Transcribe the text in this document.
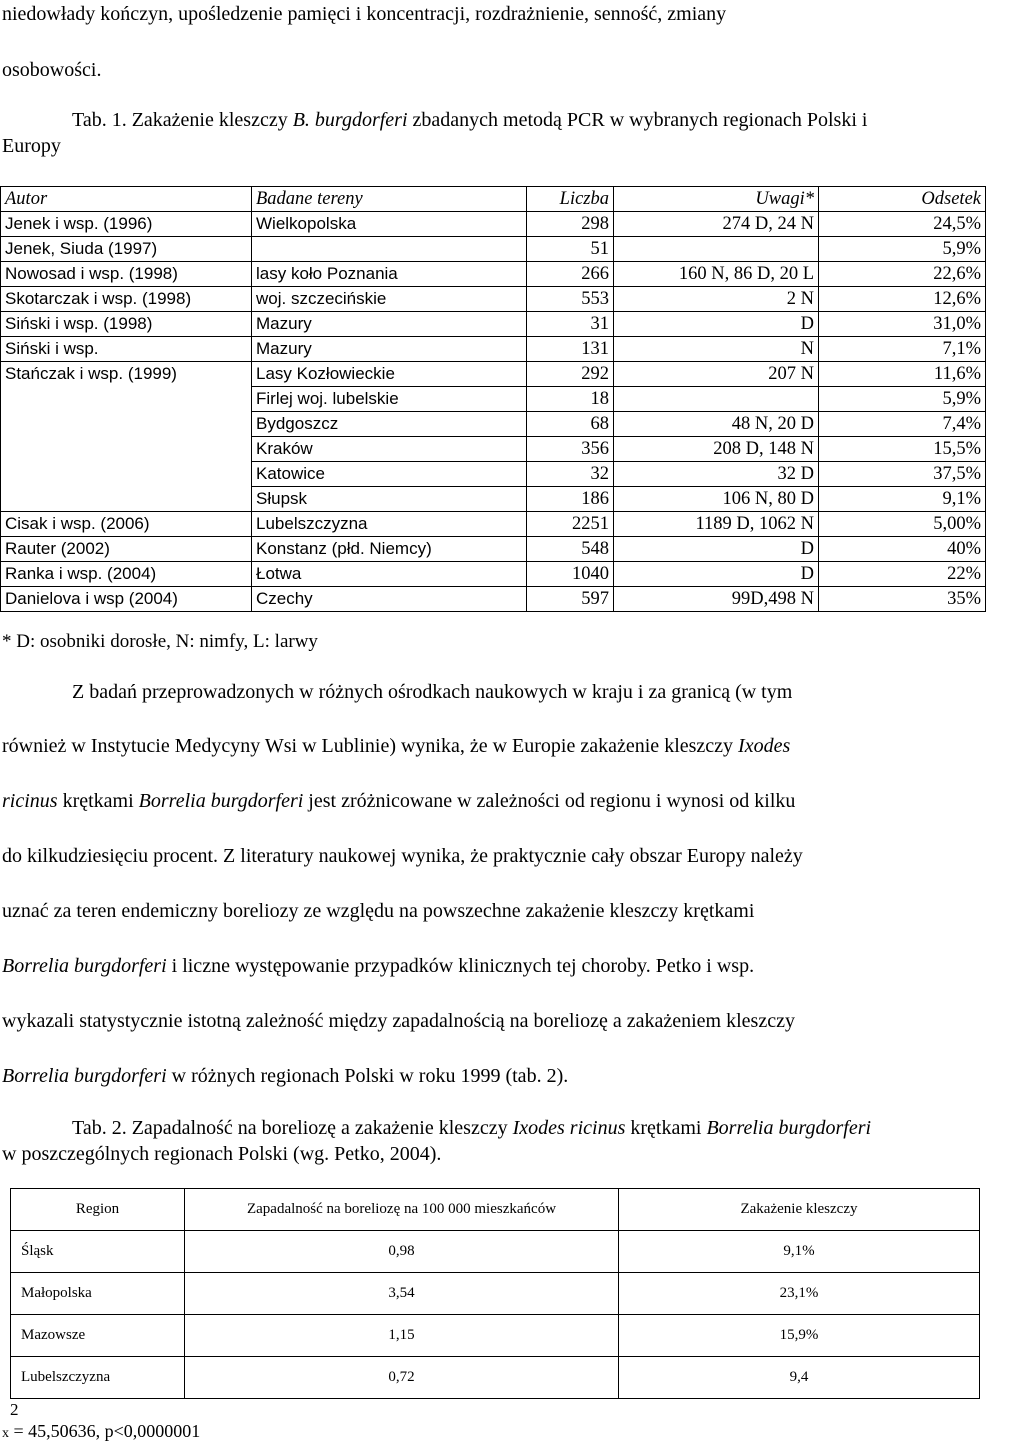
niedowłady kończyn, upośledzenie pamięci i koncentracji, rozdrażnienie, senność, zmiany
osobowości.
Tab. 1. Zakażenie kleszczy B. burgdorferi zbadanych metodą PCR w wybranych regionach Polski i
Europy
Autor	Badane tereny	Liczba	Uwagi*	Odsetek
Jenek i wsp. (1996)	Wielkopolska	298	274 D, 24 N	24,5%
Jenek, Siuda (1997)		51		5,9%
Nowosad i wsp. (1998)	lasy koło Poznania	266	160 N, 86 D, 20 L	22,6%
Skotarczak i wsp. (1998)	woj. szczecińskie	553	2 N	12,6%
Siński i wsp. (1998)	Mazury	31	D	31,0%
Siński i wsp.	Mazury	131	N	7,1%
Stańczak i wsp. (1999)	Lasy Kozłowieckie	292	207 N	11,6%
	Firlej woj. lubelskie	18		5,9%
	Bydgoszcz	68	48 N, 20 D	7,4%
	Kraków	356	208 D, 148 N	15,5%
	Katowice	32	32 D	37,5%
	Słupsk	186	106 N, 80 D	9,1%
Cisak i wsp. (2006)	Lubelszczyzna	2251	1189 D, 1062 N	5,00%
Rauter (2002)	Konstanz (płd. Niemcy)	548	D	40%
Ranka i wsp. (2004)	Łotwa	1040	D	22%
Danielova i wsp (2004)	Czechy	597	99D,498 N	35%
* D: osobniki dorosłe, N: nimfy, L: larwy
Z badań przeprowadzonych w różnych ośrodkach naukowych w kraju i za granicą (w tym
również w Instytucie Medycyny Wsi w Lublinie) wynika, że w Europie zakażenie kleszczy Ixodes
ricinus krętkami Borrelia burgdorferi jest zróżnicowane w zależności od regionu i wynosi od kilku
do kilkudziesięciu procent. Z literatury naukowej wynika, że praktycznie cały obszar Europy należy
uznać za teren endemiczny boreliozy ze względu na powszechne zakażenie kleszczy krętkami
Borrelia burgdorferi i liczne występowanie przypadków klinicznych tej choroby. Petko i wsp.
wykazali statystycznie istotną zależność między zapadalnością na boreliozę a zakażeniem kleszczy
Borrelia burgdorferi w różnych regionach Polski w roku 1999 (tab. 2).
Tab. 2. Zapadalność na boreliozę a zakażenie kleszczy Ixodes ricinus krętkami Borrelia burgdorferi
w poszczególnych regionach Polski (wg. Petko, 2004).
Region	Zapadalność na boreliozę na 100 000 mieszkańców	Zakażenie kleszczy
Śląsk	0,98	9,1%
Małopolska	3,54	23,1%
Mazowsze	1,15	15,9%
Lubelszczyzna	0,72	9,4
2
x = 45,50636, p<0,0000001
